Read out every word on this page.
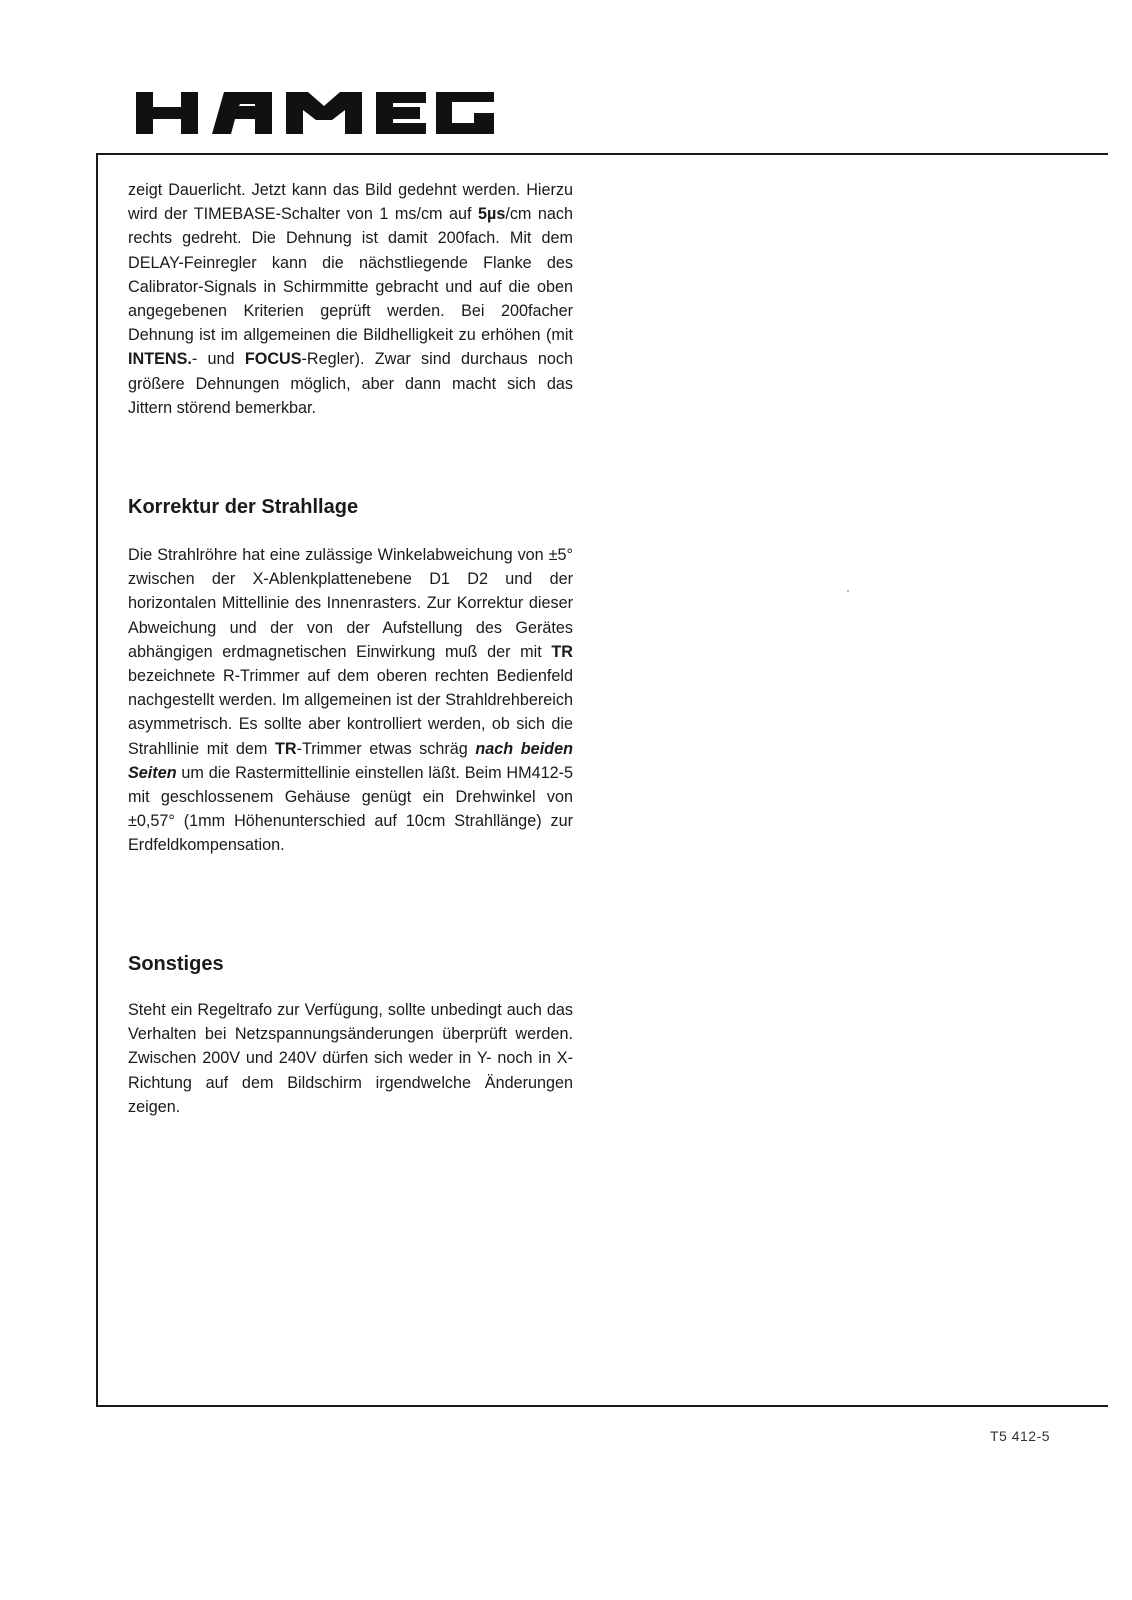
zeigt Dauerlicht. Jetzt kann das Bild gedehnt werden. Hierzu wird der TIMEBASE-Schalter von 1 ms/cm auf 5µs/cm nach rechts gedreht. Die Dehnung ist damit 200fach. Mit dem DELAY-Feinregler kann die nächstliegende Flanke des Calibrator-Signals in Schirmmitte gebracht und auf die oben angegebenen Kriterien geprüft werden. Bei 200facher Dehnung ist im allgemeinen die Bildhelligkeit zu erhöhen (mit INTENS.- und FOCUS-Regler). Zwar sind durchaus noch größere Dehnungen möglich, aber dann macht sich das Jittern störend bemerkbar.

Korrektur der Strahllage

Die Strahlröhre hat eine zulässige Winkelabweichung von ±5° zwischen der X-Ablenkplattenebene D1 D2 und der horizontalen Mittellinie des Innenrasters. Zur Korrektur dieser Abweichung und der von der Aufstellung des Gerätes abhängigen erdmagnetischen Einwirkung muß der mit TR bezeichnete R-Trimmer auf dem oberen rechten Bedienfeld nachgestellt werden. Im allgemeinen ist der Strahldrehbereich asymmetrisch. Es sollte aber kontrolliert werden, ob sich die Strahllinie mit dem TR-Trimmer etwas schräg nach beiden Seiten um die Rastermittellinie einstellen läßt. Beim HM412-5 mit geschlossenem Gehäuse genügt ein Drehwinkel von ±0,57° (1mm Höhenunterschied auf 10cm Strahllänge) zur Erdfeldkompensation.

Sonstiges

Steht ein Regeltrafo zur Verfügung, sollte unbedingt auch das Verhalten bei Netzspannungsänderungen überprüft werden. Zwischen 200V und 240V dürfen sich weder in Y- noch in X-Richtung auf dem Bildschirm irgendwelche Änderungen zeigen.

T5 412-5
